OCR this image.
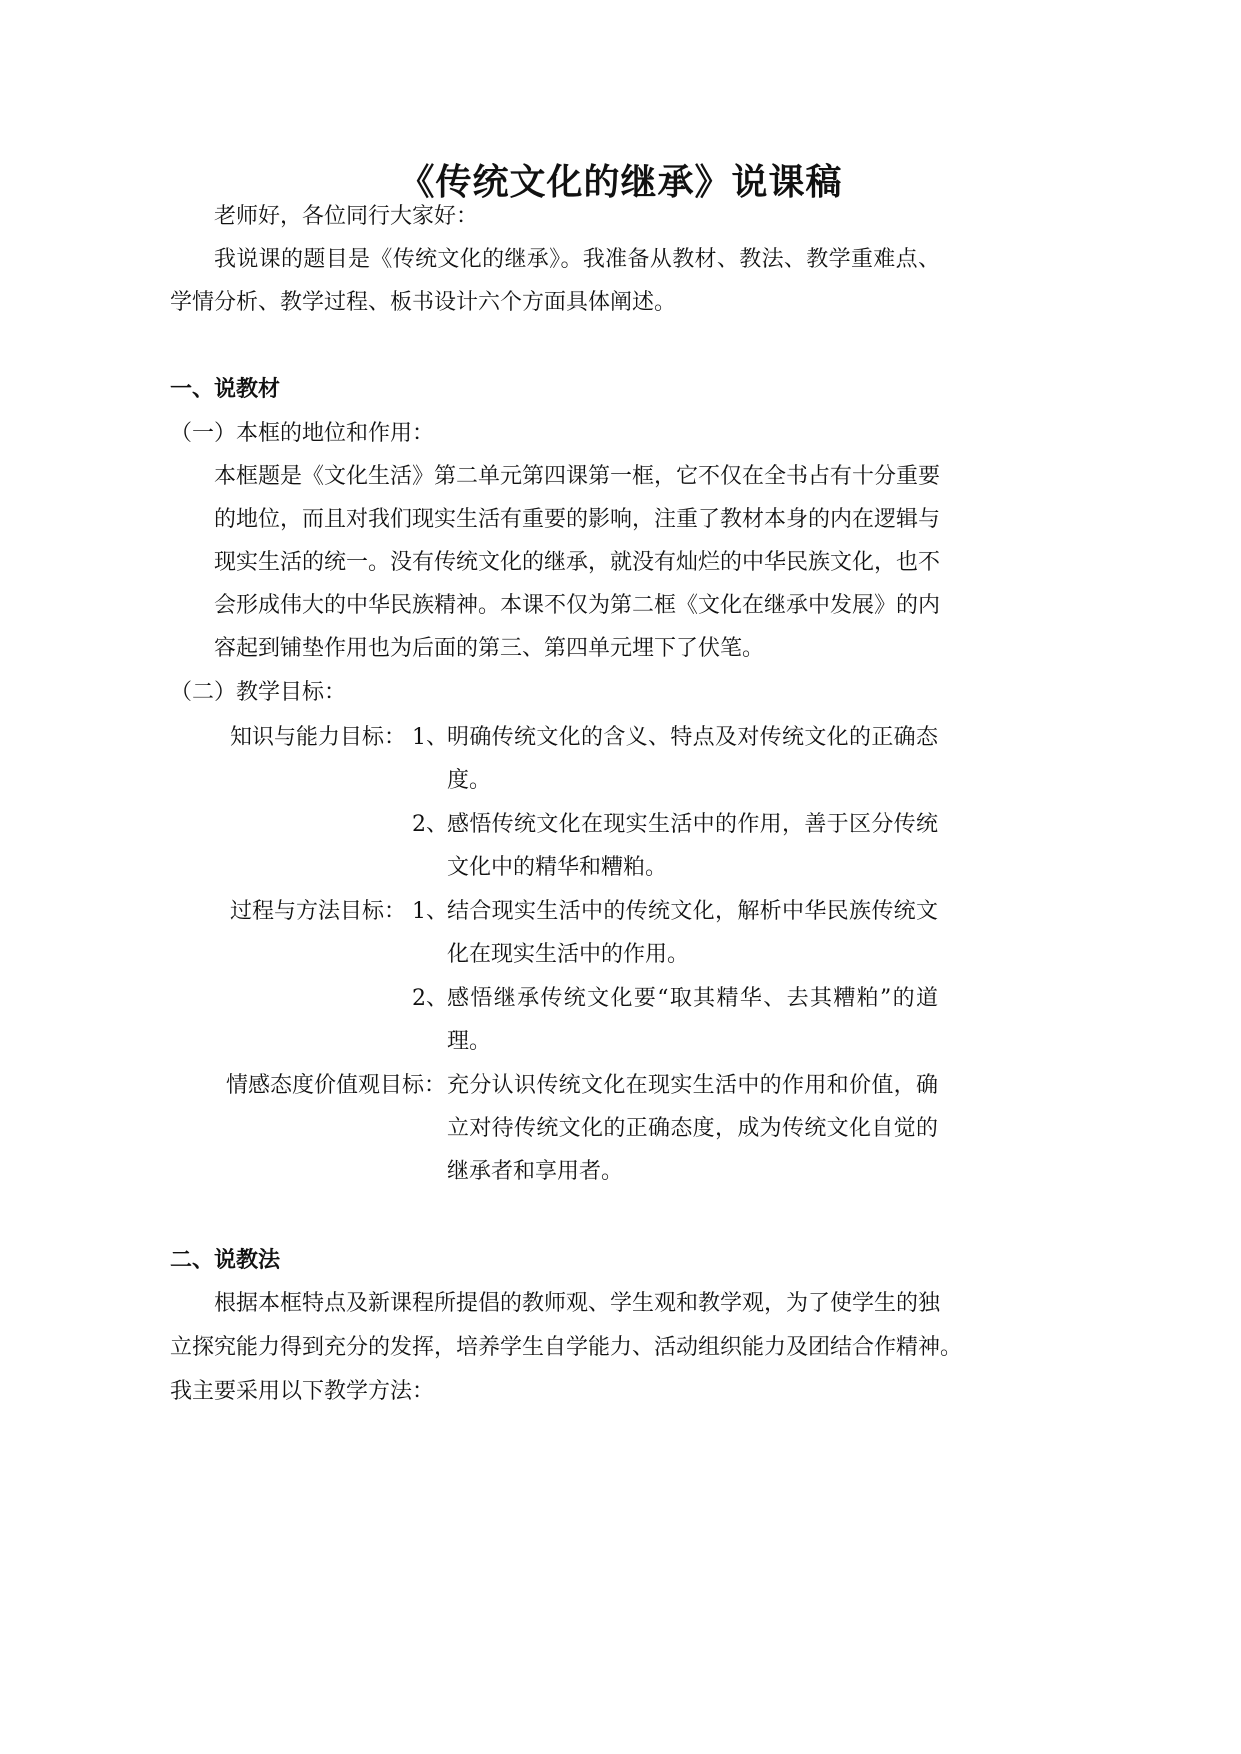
《传统文化的继承》说课稿
老师好，各位同行大家好：
我说课的题目是《传统文化的继承》。我准备从教材、教法、教学重难点、
学情分析、教学过程、板书设计六个方面具体阐述。
一、说教材
（一）本框的地位和作用：
本框题是《文化生活》第二单元第四课第一框，它不仅在全书占有十分重要
的地位，而且对我们现实生活有重要的影响，注重了教材本身的内在逻辑与
现实生活的统一。没有传统文化的继承，就没有灿烂的中华民族文化，也不
会形成伟大的中华民族精神。本课不仅为第二框《文化在继承中发展》的内
容起到铺垫作用也为后面的第三、第四单元埋下了伏笔。
（二）教学目标：
知识与能力目标： 1、 明确传统文化的含义、特点及对传统文化的正确态
度。
2、 感悟传统文化在现实生活中的作用，善于区分传统
文化中的精华和糟粕。
过程与方法目标： 1、 结合现实生活中的传统文化，解析中华民族传统文
化在现实生活中的作用。
2、 感悟继承传统文化要“取其精华、去其糟粕”的道
理。
情感态度价值观目标： 充分认识传统文化在现实生活中的作用和价值，确
立对待传统文化的正确态度，成为传统文化自觉的
继承者和享用者。
二、说教法
根据本框特点及新课程所提倡的教师观、学生观和教学观，为了使学生的独
立探究能力得到充分的发挥，培养学生自学能力、活动组织能力及团结合作精神。
我主要采用以下教学方法：
